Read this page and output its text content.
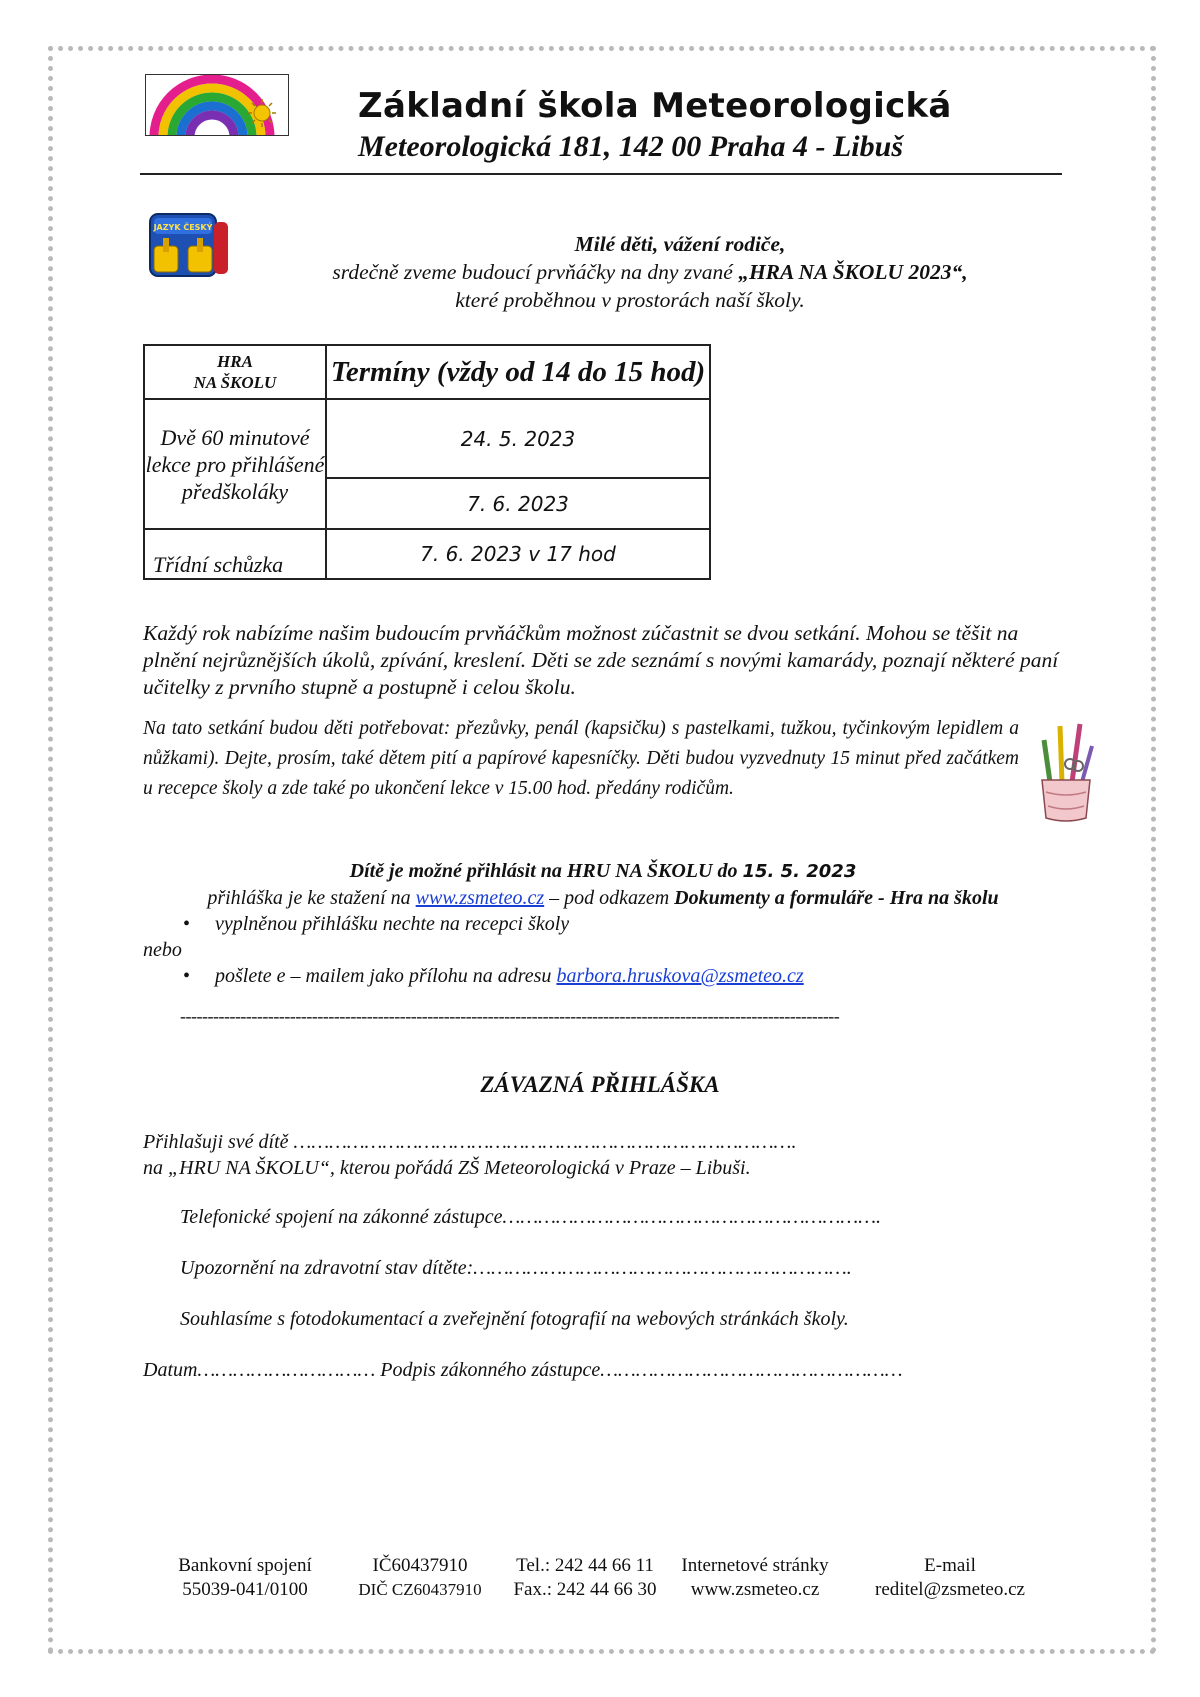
Základní škola Meteorologická
Meteorologická 181, 142 00 Praha 4 - Libuš
JAZYK ČESKÝ
Milé děti, vážení rodiče,
srdečně zveme budoucí prvňáčky na dny zvané „HRA NA ŠKOLU 2023“,
které proběhnou v prostorách naší školy.
HRA
NA ŠKOLU	Termíny (vždy od 14 do 15 hod)
Dvě 60 minutové lekce pro přihlášené předškoláky	24. 5. 2023
	7. 6. 2023
Třídní schůzka	7. 6. 2023 v 17 hod
Každý rok nabízíme našim budoucím prvňáčkům možnost zúčastnit se dvou setkání. Mohou se těšit na plnění nejrůznějších úkolů, zpívání, kreslení. Děti se zde seznámí s novými kamarády, poznají některé paní učitelky z prvního stupně a postupně i celou školu.
Na tato setkání budou děti potřebovat: přezůvky, penál (kapsičku) s pastelkami, tužkou, tyčinkovým lepidlem a nůžkami). Dejte, prosím, také dětem pití a papírové kapesníčky. Děti budou vyzvednuty 15 minut před začátkem u recepce školy a zde také po ukončení lekce v 15.00 hod. předány rodičům.
Dítě je možné přihlásit na HRU NA ŠKOLU do 15. 5. 2023
přihláška je ke stažení na www.zsmeteo.cz – pod odkazem Dokumenty a formuláře - Hra na školu
• vyplněnou přihlášku nechte na recepci školy
nebo
• pošlete e – mailem jako přílohu na adresu barbora.hruskova@zsmeteo.cz
------------------------------------------------------------------------------------------------------------------------
ZÁVAZNÁ PŘIHLÁŠKA
Přihlašuji své dítě ………………………………………………………………………….
na „HRU NA ŠKOLU“, kterou pořádá ZŠ Meteorologická v Praze – Libuši.
Telefonické spojení na zákonné zástupce……………………………………………………….
Upozornění na zdravotní stav dítěte:……………………………………………………….
Souhlasíme s fotodokumentací a zveřejnění fotografií na webových stránkách školy.
Datum………………………… Podpis zákonného zástupce……………………………………………
Bankovní spojení
55039-041/0100
IČ60437910
DIČ CZ60437910
Tel.: 242 44 66 11
Fax.: 242 44 66 30
Internetové stránky
www.zsmeteo.cz
E-mail
reditel@zsmeteo.cz
